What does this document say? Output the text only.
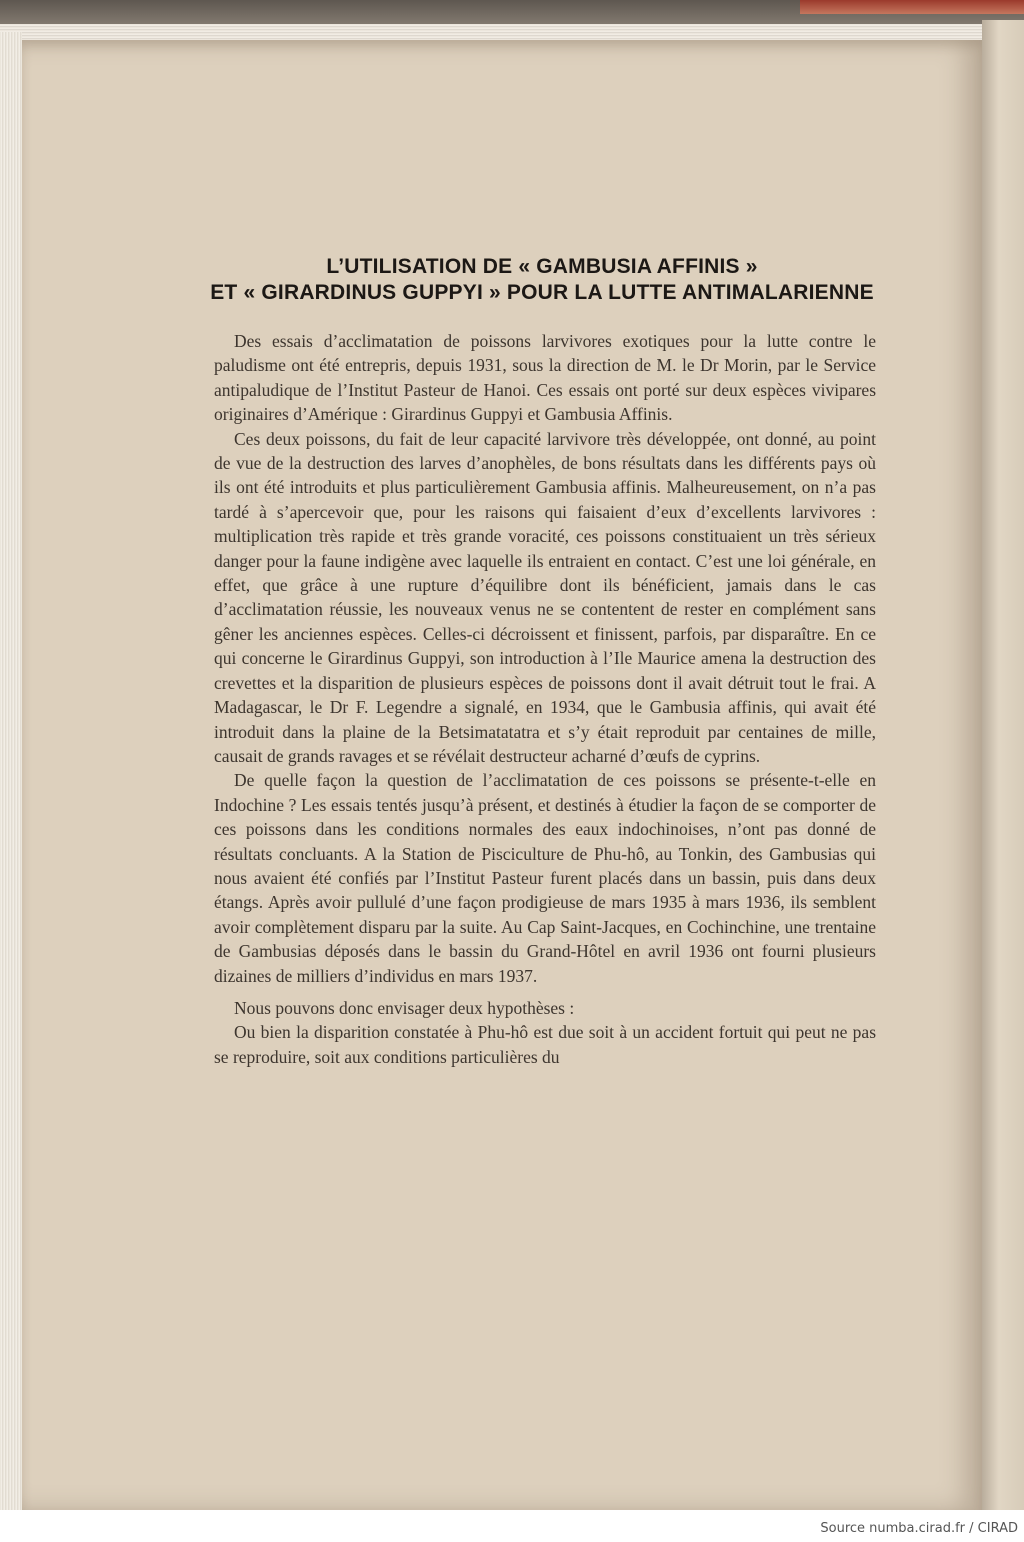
L’UTILISATION DE « GAMBUSIA AFFINIS »
ET « GIRARDINUS GUPPYI » POUR LA LUTTE ANTIMALARIENNE

Des essais d’acclimatation de poissons larvivores exotiques pour la lutte contre le paludisme ont été entrepris, depuis 1931, sous la direction de M. le Dr Morin, par le Service antipaludique de l’Institut Pasteur de Hanoi. Ces essais ont porté sur deux espèces vivipares originaires d’Amérique : Girardinus Guppyi et Gambusia Affinis.

Ces deux poissons, du fait de leur capacité larvivore très développée, ont donné, au point de vue de la destruction des larves d’anophèles, de bons résultats dans les différents pays où ils ont été introduits et plus particulièrement Gambusia affinis. Malheureusement, on n’a pas tardé à s’apercevoir que, pour les raisons qui faisaient d’eux d’excellents larvivores : multiplication très rapide et très grande voracité, ces poissons constituaient un très sérieux danger pour la faune indigène avec laquelle ils entraient en contact. C’est une loi générale, en effet, que grâce à une rupture d’équilibre dont ils bénéficient, jamais dans le cas d’acclimatation réussie, les nouveaux venus ne se contentent de rester en complément sans gêner les anciennes espèces. Celles-ci décroissent et finissent, parfois, par disparaître. En ce qui concerne le Girardinus Guppyi, son introduction à l’Ile Maurice amena la destruction des crevettes et la disparition de plusieurs espèces de poissons dont il avait détruit tout le frai. A Madagascar, le Dr F. Legendre a signalé, en 1934, que le Gambusia affinis, qui avait été introduit dans la plaine de la Betsimatatatra et s’y était reproduit par centaines de mille, causait de grands ravages et se révélait destructeur acharné d’œufs de cyprins.

De quelle façon la question de l’acclimatation de ces poissons se présente-t-elle en Indochine ? Les essais tentés jusqu’à présent, et destinés à étudier la façon de se comporter de ces poissons dans les conditions normales des eaux indochinoises, n’ont pas donné de résultats concluants. A la Station de Pisciculture de Phu-hô, au Tonkin, des Gambusias qui nous avaient été confiés par l’Institut Pasteur furent placés dans un bassin, puis dans deux étangs. Après avoir pullulé d’une façon prodigieuse de mars 1935 à mars 1936, ils semblent avoir complètement disparu par la suite. Au Cap Saint-Jacques, en Cochinchine, une trentaine de Gambusias déposés dans le bassin du Grand-Hôtel en avril 1936 ont fourni plusieurs dizaines de milliers d’individus en mars 1937.

Nous pouvons donc envisager deux hypothèses :

Ou bien la disparition constatée à Phu-hô est due soit à un accident fortuit qui peut ne pas se reproduire, soit aux conditions particulières du

Source numba.cirad.fr / CIRAD
